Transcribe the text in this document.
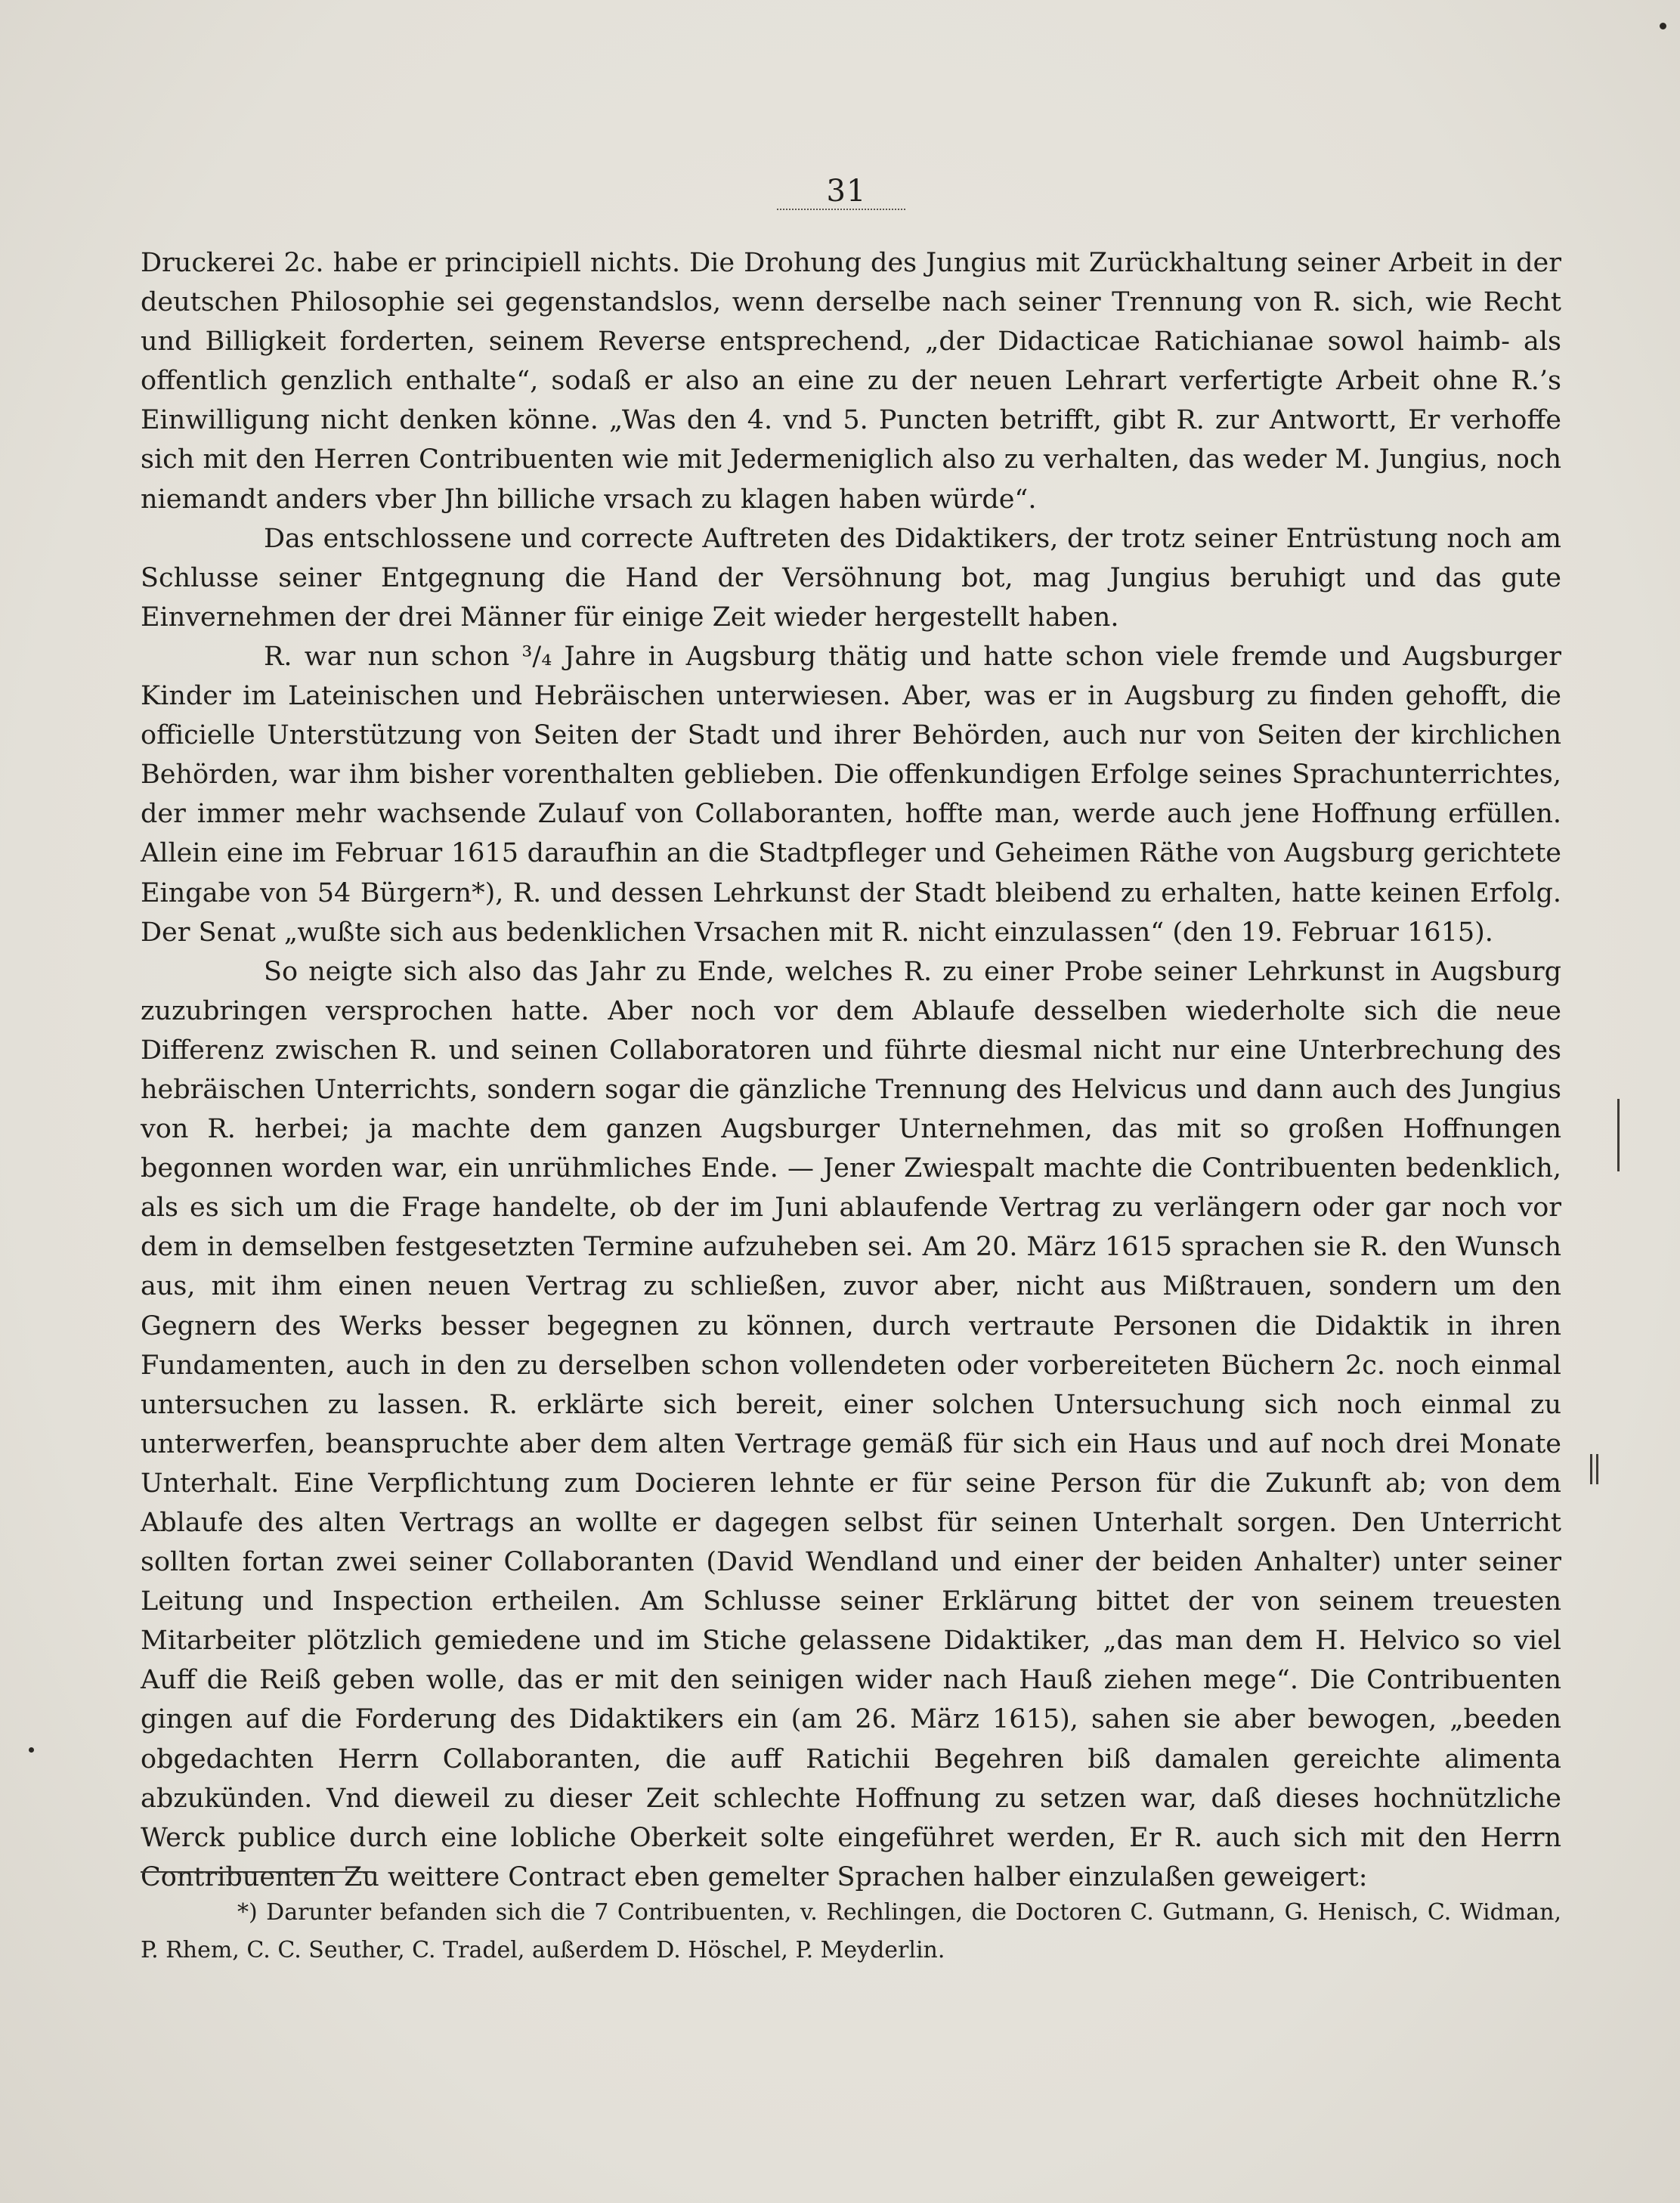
31

Druckerei 2c. habe er principiell nichts. Die Drohung des Jungius mit Zurückhaltung seiner Arbeit in der deutschen Philosophie sei gegenstandslos, wenn derselbe nach seiner Trennung von R. sich, wie Recht und Billigkeit forderten, seinem Reverse entsprechend, „der Didacticae Ratichianae sowol haimb- als offentlich genzlich enthalte“, sodaß er also an eine zu der neuen Lehrart verfertigte Arbeit ohne R.’s Einwilligung nicht denken könne. „Was den 4. vnd 5. Puncten betrifft, gibt R. zur Antwortt, Er verhoffe sich mit den Herren Contribuenten wie mit Jedermeniglich also zu verhalten, das weder M. Jungius, noch niemandt anders vber Jhn billiche vrsach zu klagen haben würde“.

Das entschlossene und correcte Auftreten des Didaktikers, der trotz seiner Entrüstung noch am Schlusse seiner Entgegnung die Hand der Versöhnung bot, mag Jungius beruhigt und das gute Einvernehmen der drei Männer für einige Zeit wieder hergestellt haben.

R. war nun schon ³/₄ Jahre in Augsburg thätig und hatte schon viele fremde und Augsburger Kinder im Lateinischen und Hebräischen unterwiesen. Aber, was er in Augsburg zu finden gehofft, die officielle Unterstützung von Seiten der Stadt und ihrer Behörden, auch nur von Seiten der kirchlichen Behörden, war ihm bisher vorenthalten geblieben. Die offenkundigen Erfolge seines Sprachunterrichtes, der immer mehr wachsende Zulauf von Collaboranten, hoffte man, werde auch jene Hoffnung erfüllen. Allein eine im Februar 1615 daraufhin an die Stadtpfleger und Geheimen Räthe von Augsburg gerichtete Eingabe von 54 Bürgern*), R. und dessen Lehrkunst der Stadt bleibend zu erhalten, hatte keinen Erfolg. Der Senat „wußte sich aus bedenklichen Vrsachen mit R. nicht einzulassen“ (den 19. Februar 1615).

So neigte sich also das Jahr zu Ende, welches R. zu einer Probe seiner Lehrkunst in Augsburg zuzubringen versprochen hatte. Aber noch vor dem Ablaufe desselben wiederholte sich die neue Differenz zwischen R. und seinen Collaboratoren und führte diesmal nicht nur eine Unterbrechung des hebräischen Unterrichts, sondern sogar die gänzliche Trennung des Helvicus und dann auch des Jungius von R. herbei; ja machte dem ganzen Augsburger Unternehmen, das mit so großen Hoffnungen begonnen worden war, ein unrühmliches Ende. — Jener Zwiespalt machte die Contribuenten bedenklich, als es sich um die Frage handelte, ob der im Juni ablaufende Vertrag zu verlängern oder gar noch vor dem in demselben festgesetzten Termine aufzuheben sei. Am 20. März 1615 sprachen sie R. den Wunsch aus, mit ihm einen neuen Vertrag zu schließen, zuvor aber, nicht aus Mißtrauen, sondern um den Gegnern des Werks besser begegnen zu können, durch vertraute Personen die Didaktik in ihren Fundamenten, auch in den zu derselben schon vollendeten oder vorbereiteten Büchern 2c. noch einmal untersuchen zu lassen. R. erklärte sich bereit, einer solchen Untersuchung sich noch einmal zu unterwerfen, beanspruchte aber dem alten Vertrage gemäß für sich ein Haus und auf noch drei Monate Unterhalt. Eine Verpflichtung zum Docieren lehnte er für seine Person für die Zukunft ab; von dem Ablaufe des alten Vertrags an wollte er dagegen selbst für seinen Unterhalt sorgen. Den Unterricht sollten fortan zwei seiner Collaboranten (David Wendland und einer der beiden Anhalter) unter seiner Leitung und Inspection ertheilen. Am Schlusse seiner Erklärung bittet der von seinem treuesten Mitarbeiter plötzlich gemiedene und im Stiche gelassene Didaktiker, „das man dem H. Helvico so viel Auff die Reiß geben wolle, das er mit den seinigen wider nach Hauß ziehen mege“. Die Contribuenten gingen auf die Forderung des Didaktikers ein (am 26. März 1615), sahen sie aber bewogen, „beeden obgedachten Herrn Collaboranten, die auff Ratichii Begehren biß damalen gereichte alimenta abzukünden. Vnd dieweil zu dieser Zeit schlechte Hoffnung zu setzen war, daß dieses hochnützliche Werck publice durch eine lobliche Oberkeit solte eingeführet werden, Er R. auch sich mit den Herrn Contribuenten Zu weittere Contract eben gemelter Sprachen halber einzulaßen geweigert:

*) Darunter befanden sich die 7 Contribuenten, v. Rechlingen, die Doctoren C. Gutmann, G. Henisch, C. Widman, P. Rhem, C. C. Seuther, C. Tradel, außerdem D. Höschel, P. Meyderlin.
